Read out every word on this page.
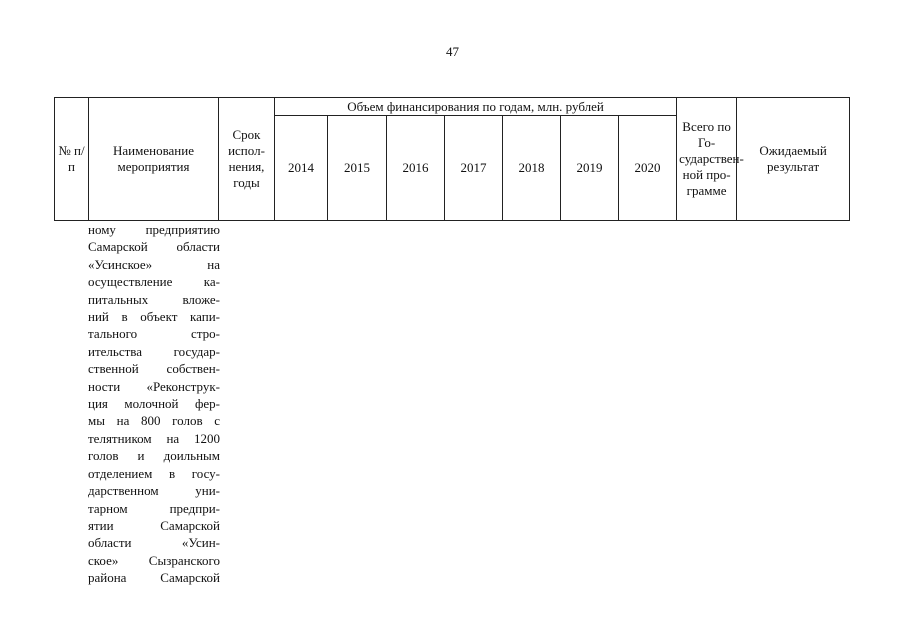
47
№ п/п	Наименование мероприятия	Срок испол-нения, годы	Объем финансирования по годам, млн. рублей							Всего по Го-сударствен-ной про-грамме	Ожидаемый результат
			2014	2015	2016	2017	2018	2019	2020		
ному предприятию
Самарской области
«Усинское» на
осуществление ка-
питальных вложе-
ний в объект капи-
тального стро-
ительства государ-
ственной собствен-
ности «Реконструк-
ция молочной фер-
мы на 800 голов с
телятником на 1200
голов и доильным
отделением в госу-
дарственном уни-
тарном предпри-
ятии Самарской
области «Усин-
ское» Сызранского
района Самарской
